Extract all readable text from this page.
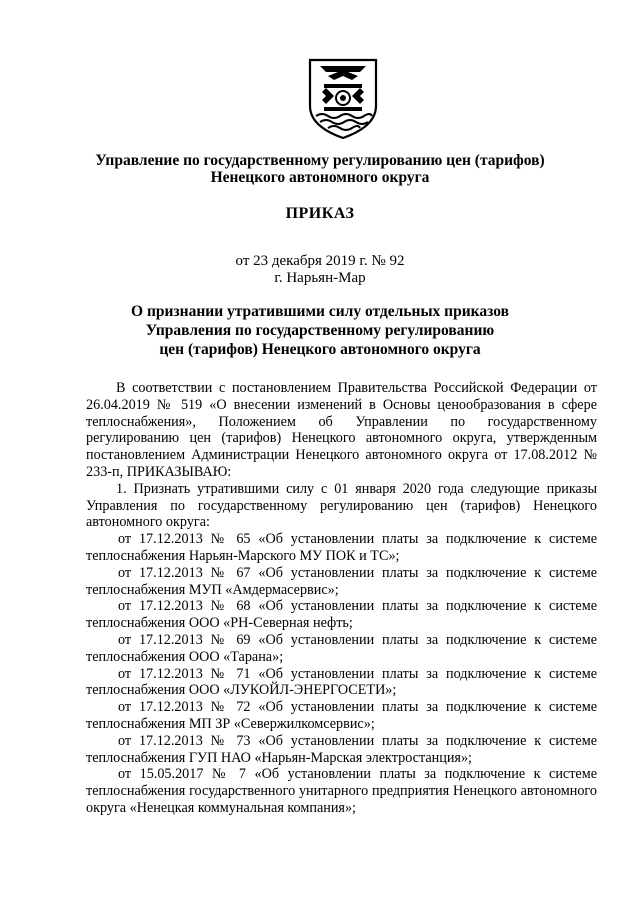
Управление по государственному регулированию цен (тарифов)
Ненецкого автономного округа
ПРИКАЗ
от 23 декабря 2019 г. № 92
г. Нарьян-Мар
О признании утратившими силу отдельных приказов
Управления по государственному регулированию
цен (тарифов) Ненецкого автономного округа

В соответствии с постановлением Правительства Российской Федерации от 26.04.2019 № 519 «О внесении изменений в Основы ценообразования в сфере теплоснабжения», Положением об Управлении по государственному регулированию цен (тарифов) Ненецкого автономного округа, утвержденным постановлением Администрации Ненецкого автономного округа от 17.08.2012 № 233-п, ПРИКАЗЫВАЮ:

1. Признать утратившими силу с 01 января 2020 года следующие приказы Управления по государственному регулированию цен (тарифов) Ненецкого автономного округа:

от 17.12.2013 № 65 «Об установлении платы за подключение к системе теплоснабжения Нарьян-Марского МУ ПОК и ТС»;

от 17.12.2013 № 67 «Об установлении платы за подключение к системе теплоснабжения МУП «Амдермасервис»;

от 17.12.2013 № 68 «Об установлении платы за подключение к системе теплоснабжения ООО «РН-Северная нефть;

от 17.12.2013 № 69 «Об установлении платы за подключение к системе теплоснабжения ООО «Тарана»;

от 17.12.2013 № 71 «Об установлении платы за подключение к системе теплоснабжения ООО «ЛУКОЙЛ-ЭНЕРГОСЕТИ»;

от 17.12.2013 № 72 «Об установлении платы за подключение к системе теплоснабжения МП ЗР «Севержилкомсервис»;

от 17.12.2013 № 73 «Об установлении платы за подключение к системе теплоснабжения ГУП НАО «Нарьян-Марская электростанция»;

от 15.05.2017 № 7 «Об установлении платы за подключение к системе теплоснабжения государственного унитарного предприятия Ненецкого автономного округа «Ненецкая коммунальная компания»;
